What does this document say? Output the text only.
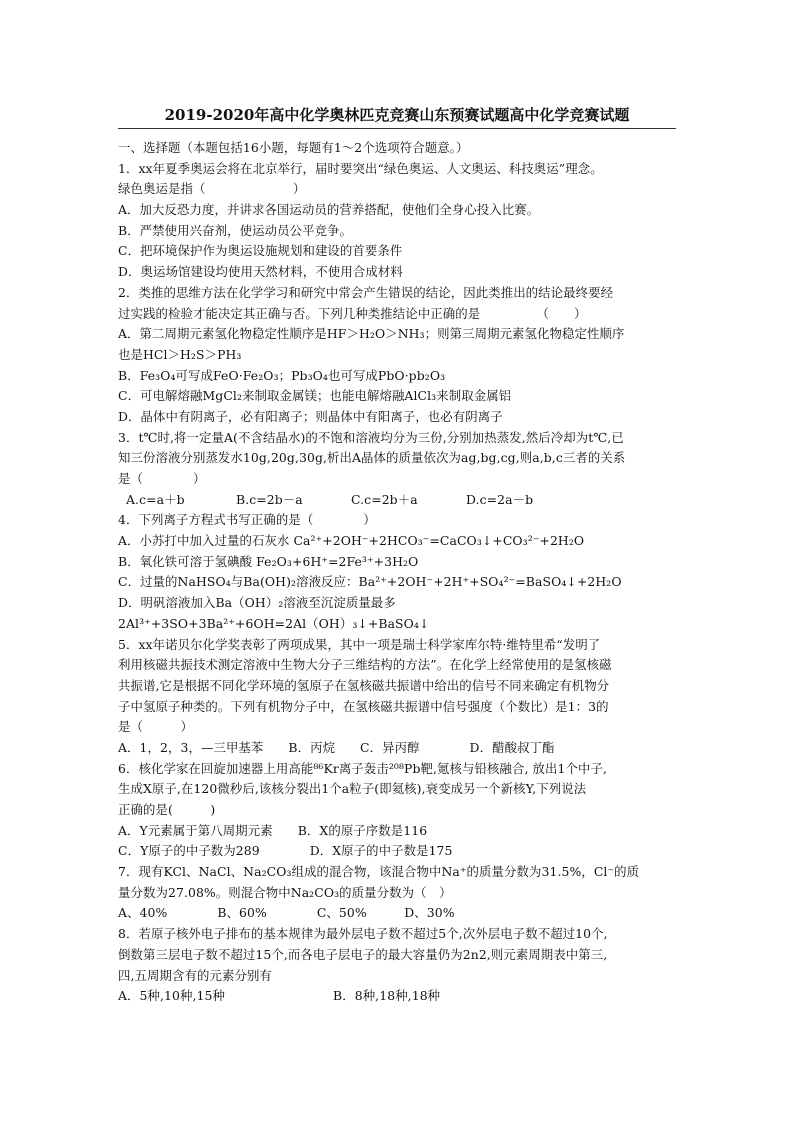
2019-2020年高中化学奥林匹克竞赛山东预赛试题高中化学竞赛试题
一、选择题（本题包括16小题，每题有1～2个选项符合题意。）
1．xx年夏季奥运会将在北京举行，届时要突出“绿色奥运、人文奥运、科技奥运”理念。
绿色奥运是指（　　　　　　　）
A．加大反恐力度，并讲求各国运动员的营养搭配，使他们全身心投入比赛。
B．严禁使用兴奋剂，使运动员公平竞争。
C．把环境保护作为奥运设施规划和建设的首要条件
D．奥运场馆建设均使用天然材料，不使用合成材料
2．类推的思维方法在化学学习和研究中常会产生错误的结论，因此类推出的结论最终要经
过实践的检验才能决定其正确与否。下列几种类推结论中正确的是　　　　　（　　）
A．第二周期元素氢化物稳定性顺序是HF＞H₂O＞NH₃；则第三周期元素氢化物稳定性顺序
也是HCl＞H₂S＞PH₃
B．Fe₃O₄可写成FeO·Fe₂O₃；Pb₃O₄也可写成PbO·pb₂O₃
C．可电解熔融MgCl₂来制取金属镁；也能电解熔融AlCl₃来制取金属铝
D．晶体中有阴离子，必有阳离子；则晶体中有阳离子，也必有阴离子
3．t℃时,将一定量A(不含结晶水)的不饱和溶液均分为三份,分别加热蒸发,然后冷却为t℃,已
知三份溶液分别蒸发水10g,20g,30g,析出A晶体的质量依次为ag,bg,cg,则a,b,c三者的关系
是（　　　　）
A.c=a＋b	B.c=2b－a	C.c=2b＋a	D.c=2a－b
4．下列离子方程式书写正确的是（　　　　）
A．小苏打中加入过量的石灰水 Ca²⁺+2OH⁻+2HCO₃⁻=CaCO₃↓+CO₃²⁻+2H₂O
B．氧化铁可溶于氢碘酸 Fe₂O₃+6H⁺=2Fe³⁺+3H₂O
C．过量的NaHSO₄与Ba(OH)₂溶液反应：Ba²⁺+2OH⁻+2H⁺+SO₄²⁻=BaSO₄↓+2H₂O
D．明矾溶液加入Ba（OH）₂溶液至沉淀质量最多
2Al³⁺+3SO+3Ba²⁺+6OH=2Al（OH）₃↓+BaSO₄↓
5．xx年诺贝尔化学奖表彰了两项成果，其中一项是瑞士科学家库尔特·维特里希“发明了
利用核磁共振技术测定溶液中生物大分子三维结构的方法”。在化学上经常使用的是氢核磁
共振谱,它是根据不同化学环境的氢原子在氢核磁共振谱中给出的信号不同来确定有机物分
子中氢原子种类的。下列有机物分子中，在氢核磁共振谱中信号强度（个数比）是1：3的
是（　　　）
A．1，2，3，—三甲基苯　　B．丙烷　　C．异丙醇　　　　D．醋酸叔丁酯
6．核化学家在回旋加速器上用高能⁸⁶Kr离子轰击²⁰⁸Pb靶,氪核与铅核融合, 放出1个中子,
生成X原子,在120微秒后,该核分裂出1个a粒子(即氦核),衰变成另一个新核Y,下列说法
正确的是(　　　)
A．Y元素属于第八周期元素　　B．X的原子序数是116
C．Y原子的中子数为289　　　　D．X原子的中子数是175
7．现有KCl、NaCl、Na₂CO₃组成的混合物，该混合物中Na⁺的质量分数为31.5%，Cl⁻的质
量分数为27.08%。则混合物中Na₂CO₃的质量分数为（　）
A、40%　　　　B、60%　　　　C、50%　　　D、30%
8．若原子核外电子排布的基本规律为最外层电子数不超过5个,次外层电子数不超过10个,
倒数第三层电子数不超过15个,而各电子层电子的最大容量仍为2n2,则元素周期表中第三,
四,五周期含有的元素分别有
A．5种,10种,15种	B．8种,18种,18种
